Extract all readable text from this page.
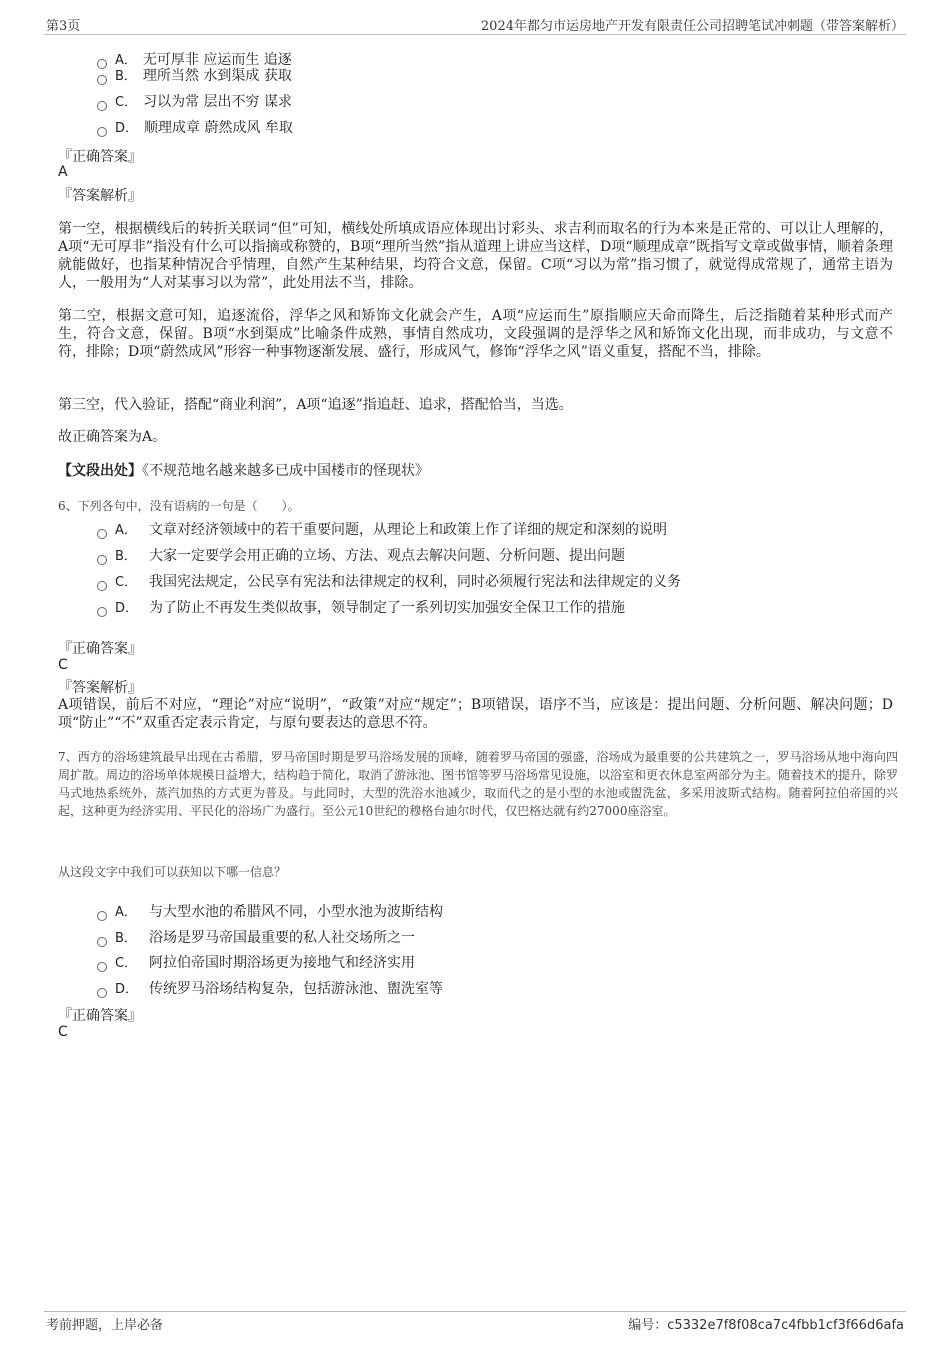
第3页	2024年都匀市运房地产开发有限责任公司招聘笔试冲刺题（带答案解析）
A． 无可厚非 应运而生 追逐
B． 理所当然 水到渠成 获取
C． 习以为常 层出不穷 谋求
D． 顺理成章 蔚然成风 牟取
『正确答案』
A
『答案解析』
第一空，根据横线后的转折关联词“但”可知，横线处所填成语应体现出讨彩头、求吉利而取名的行为本来是正常的、可以让人理解的，A项“无可厚非”指没有什么可以指摘或称赞的，B项“理所当然”指从道理上讲应当这样，D项“顺理成章”既指写文章或做事情，顺着条理就能做好，也指某种情况合乎情理，自然产生某种结果，均符合文意，保留。C项“习以为常”指习惯了，就觉得成常规了，通常主语为人，一般用为“人对某事习以为常”，此处用法不当，排除。
第二空，根据文意可知，追逐流俗，浮华之风和矫饰文化就会产生，A项“应运而生”原指顺应天命而降生，后泛指随着某种形式而产生，符合文意，保留。B项“水到渠成”比喻条件成熟，事情自然成功，文段强调的是浮华之风和矫饰文化出现，而非成功，与文意不符，排除；D项“蔚然成风”形容一种事物逐渐发展、盛行，形成风气，修饰“浮华之风”语义重复，搭配不当，排除。
第三空，代入验证，搭配“商业利润”，A项“追逐”指追赶、追求，搭配恰当，当选。
故正确答案为A。
【文段出处】《不规范地名越来越多已成中国楼市的怪现状》
6、下列各句中，没有语病的一句是（　　）。
A． 文章对经济领域中的若干重要问题，从理论上和政策上作了详细的规定和深刻的说明
B． 大家一定要学会用正确的立场、方法、观点去解决问题、分析问题、提出问题
C． 我国宪法规定，公民享有宪法和法律规定的权利，同时必须履行宪法和法律规定的义务
D． 为了防止不再发生类似故事，领导制定了一系列切实加强安全保卫工作的措施
『正确答案』
C
『答案解析』
A项错误，前后不对应，“理论”对应“说明”，“政策”对应“规定”；B项错误，语序不当，应该是：提出问题、分析问题、解决问题；D项“防止”“不”双重否定表示肯定，与原句要表达的意思不符。
7、西方的浴场建筑最早出现在古希腊，罗马帝国时期是罗马浴场发展的顶峰，随着罗马帝国的强盛，浴场成为最重要的公共建筑之一，罗马浴场从地中海向四周扩散。周边的浴场单体规模日益增大，结构趋于简化，取消了游泳池、图书馆等罗马浴场常见设施，以浴室和更衣休息室两部分为主。随着技术的提升，除罗马式地热系统外，蒸汽加热的方式更为普及。与此同时，大型的洗浴水池减少，取而代之的是小型的水池或盥洗盆，多采用波斯式结构。随着阿拉伯帝国的兴起，这种更为经济实用、平民化的浴场广为盛行。至公元10世纪的穆格台迪尔时代，仅巴格达就有约27000座浴室。
从这段文字中我们可以获知以下哪一信息？
A． 与大型水池的希腊风不同，小型水池为波斯结构
B． 浴场是罗马帝国最重要的私人社交场所之一
C． 阿拉伯帝国时期浴场更为接地气和经济实用
D． 传统罗马浴场结构复杂，包括游泳池、盥洗室等
『正确答案』
C
考前押题，上岸必备	编号：c5332e7f8f08ca7c4fbb1cf3f66d6afa
